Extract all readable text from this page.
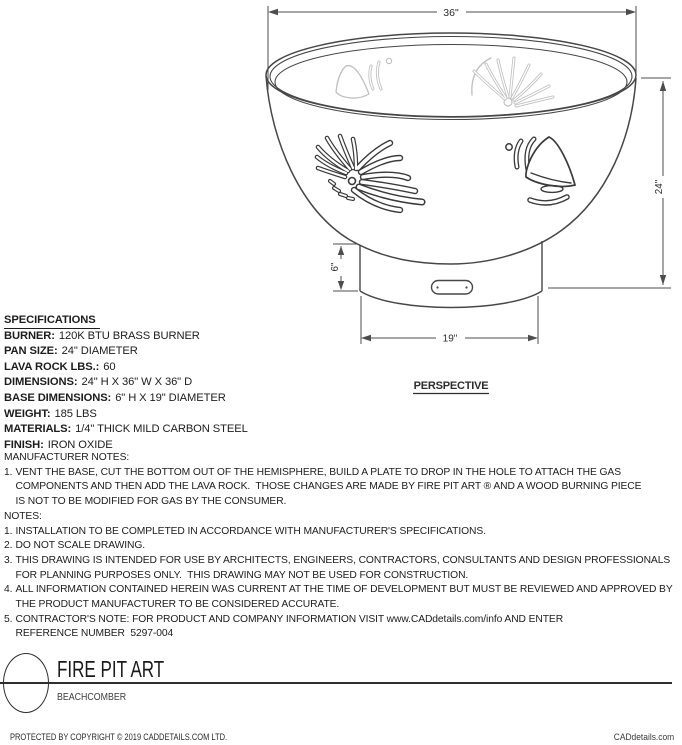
36"
24"
6"
19"
PERSPECTIVE
SPECIFICATIONS
BURNER: 120K BTU BRASS BURNER
PAN SIZE: 24" DIAMETER
LAVA ROCK LBS.: 60
DIMENSIONS: 24" H X 36" W X 36" D
BASE DIMENSIONS: 6" H X 19" DIAMETER
WEIGHT: 185 LBS
MATERIALS: 1/4" THICK MILD CARBON STEEL
FINISH: IRON OXIDE
MANUFACTURER NOTES:
1. VENT THE BASE, CUT THE BOTTOM OUT OF THE HEMISPHERE, BUILD A PLATE TO DROP IN THE HOLE TO ATTACH THE GAS
COMPONENTS AND THEN ADD THE LAVA ROCK.  THOSE CHANGES ARE MADE BY FIRE PIT ART ® AND A WOOD BURNING PIECE
IS NOT TO BE MODIFIED FOR GAS BY THE CONSUMER.
NOTES:
1. INSTALLATION TO BE COMPLETED IN ACCORDANCE WITH MANUFACTURER'S SPECIFICATIONS.
2. DO NOT SCALE DRAWING.
3. THIS DRAWING IS INTENDED FOR USE BY ARCHITECTS, ENGINEERS, CONTRACTORS, CONSULTANTS AND DESIGN PROFESSIONALS
FOR PLANNING PURPOSES ONLY.  THIS DRAWING MAY NOT BE USED FOR CONSTRUCTION.
4. ALL INFORMATION CONTAINED HEREIN WAS CURRENT AT THE TIME OF DEVELOPMENT BUT MUST BE REVIEWED AND APPROVED BY
THE PRODUCT MANUFACTURER TO BE CONSIDERED ACCURATE.
5. CONTRACTOR'S NOTE: FOR PRODUCT AND COMPANY INFORMATION VISIT www.CADdetails.com/info AND ENTER
REFERENCE NUMBER  5297-004
FIRE PIT ART
BEACHCOMBER
PROTECTED BY COPYRIGHT © 2019 CADDETAILS.COM LTD.	CADdetails.com
